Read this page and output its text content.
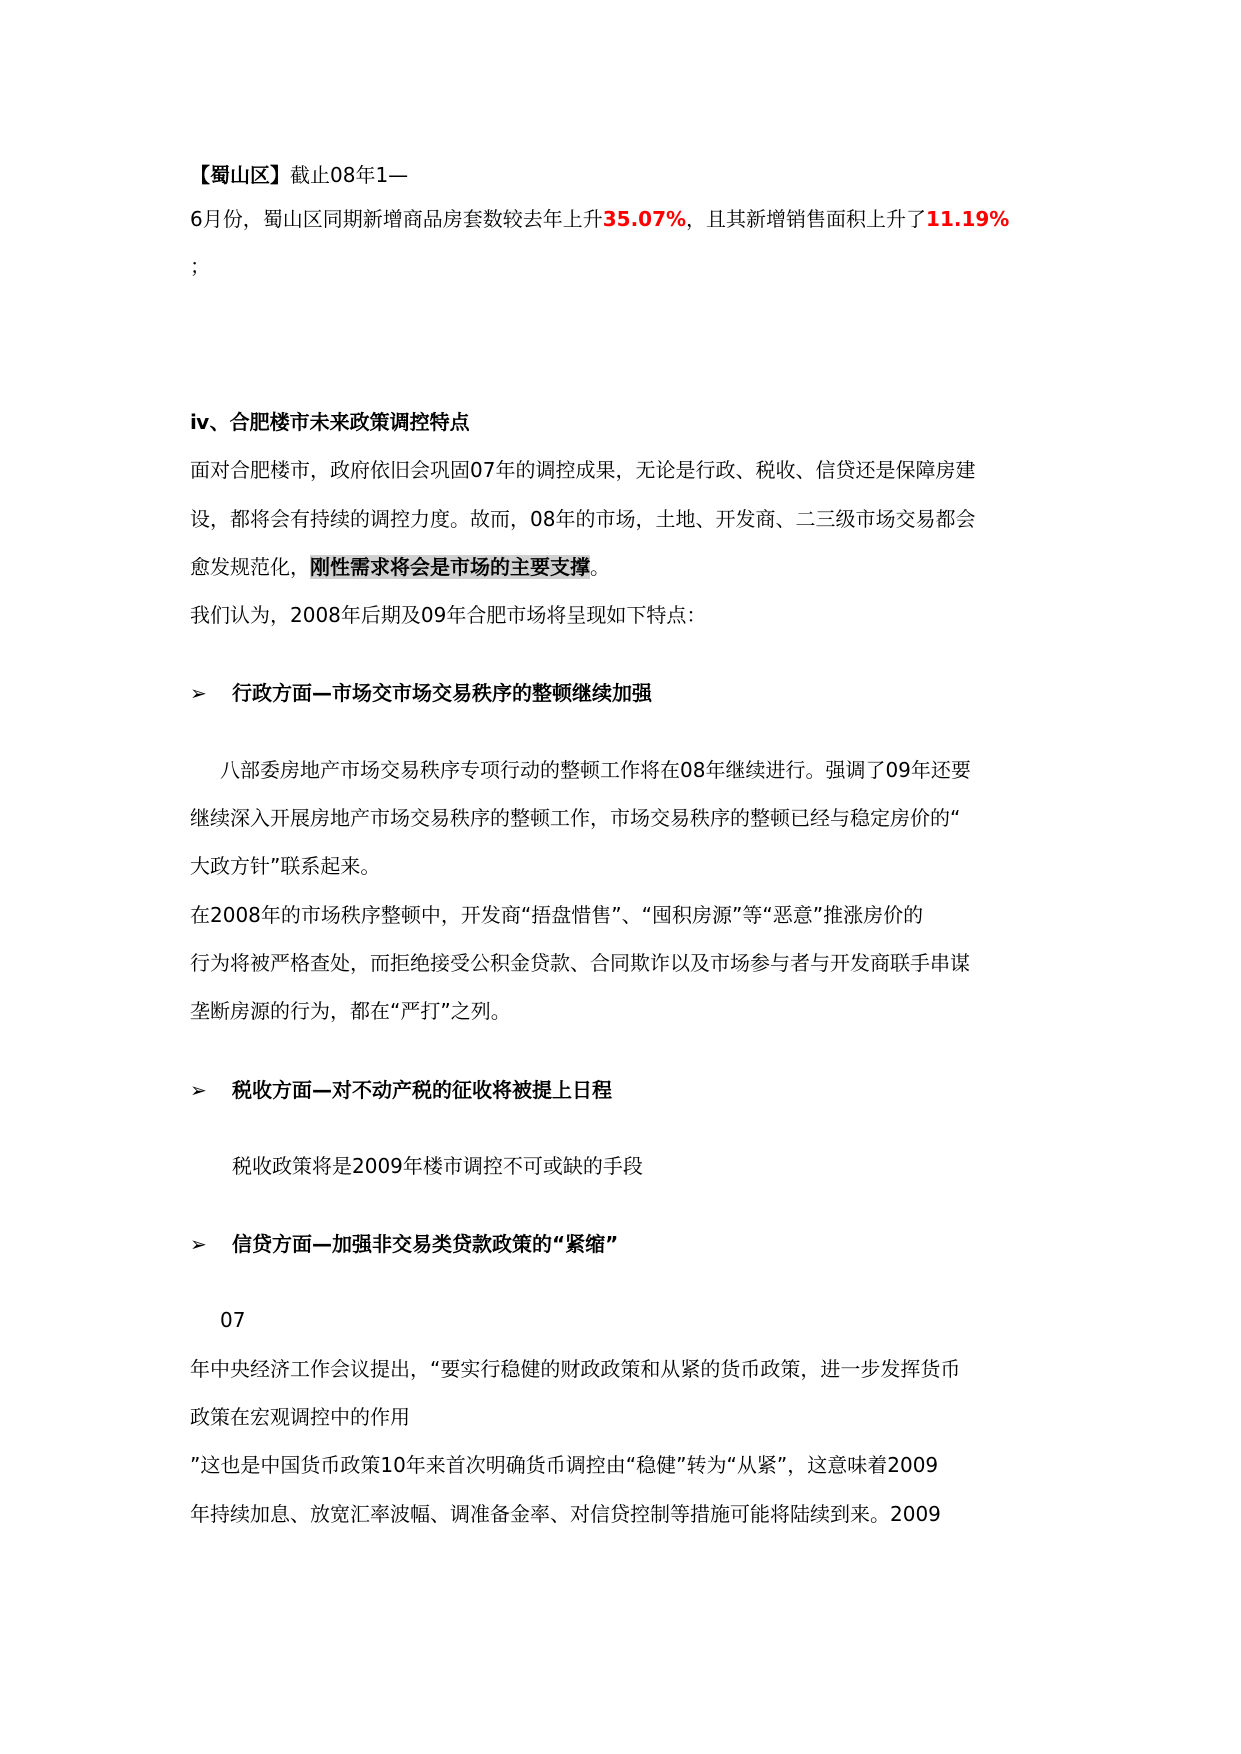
【蜀山区】截止08年1—
6月份，蜀山区同期新增商品房套数较去年上升35.07%，且其新增销售面积上升了11.19%
；
ⅳ、合肥楼市未来政策调控特点
面对合肥楼市，政府依旧会巩固07年的调控成果，无论是行政、税收、信贷还是保障房建
设，都将会有持续的调控力度。故而，08年的市场，土地、开发商、二三级市场交易都会
愈发规范化，刚性需求将会是市场的主要支撑。
我们认为，2008年后期及09年合肥市场将呈现如下特点：
➢ 行政方面—市场交市场交易秩序的整顿继续加强
八部委房地产市场交易秩序专项行动的整顿工作将在08年继续进行。强调了09年还要
继续深入开展房地产市场交易秩序的整顿工作，市场交易秩序的整顿已经与稳定房价的“
大政方针”联系起来。
在2008年的市场秩序整顿中，开发商“捂盘惜售”、“囤积房源”等“恶意”推涨房价的
行为将被严格查处，而拒绝接受公积金贷款、合同欺诈以及市场参与者与开发商联手串谋
垄断房源的行为，都在“严打”之列。
➢ 税收方面—对不动产税的征收将被提上日程
税收政策将是2009年楼市调控不可或缺的手段
➢ 信贷方面—加强非交易类贷款政策的“紧缩”
07
年中央经济工作会议提出，“要实行稳健的财政政策和从紧的货币政策，进一步发挥货币
政策在宏观调控中的作用
”这也是中国货币政策10年来首次明确货币调控由“稳健”转为“从紧”，这意味着2009
年持续加息、放宽汇率波幅、调准备金率、对信贷控制等措施可能将陆续到来。2009
